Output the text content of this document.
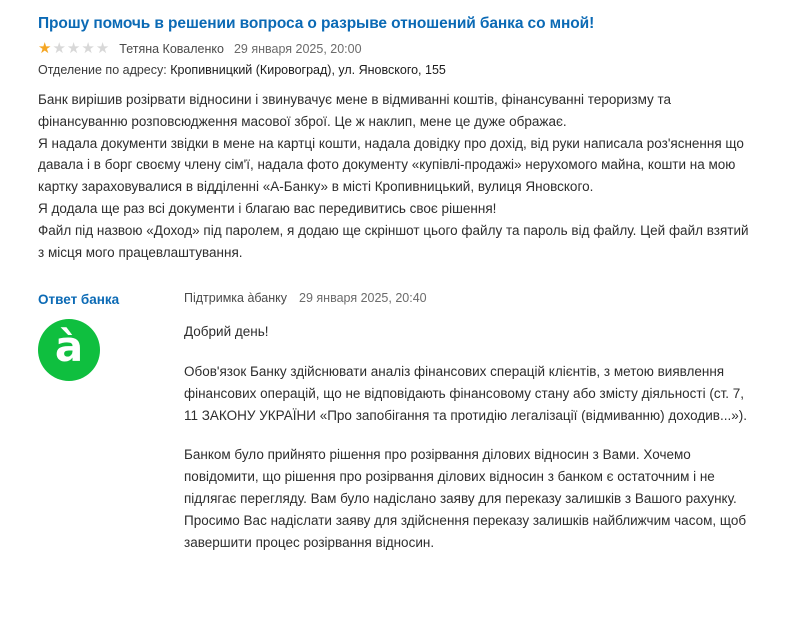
Прошу помочь в решении вопроса о разрыве отношений банка со мной!
★ ★ ★ ★ ★ Тетяна Коваленко 29 января 2025, 20:00
Отделение по адресу: Кропивницкий (Кировоград), ул. Яновского, 155

Банк вирішив розірвати відносини і звинувачує мене в відмиванні коштів, фінансуванні тероризму та фінансуванню розповсюдження масової зброї. Це ж наклип, мене це дуже ображає.

Я надала документи звідки в мене на картці кошти, надала довідку про дохід, від руки написала роз'яснення що давала і в борг своєму члену сім'ї, надала фото документу «купівлі-продажі» нерухомого майна, кошти на мою картку зараховувалися в відділенні «А-Банку» в місті Кропивницький, вулиця Яновского.

Я додала ще раз всі документи і благаю вас передивитись своє рішення!

Файл під назвою «Доход» під паролем, я додаю ще скріншот цього файлу та пароль від файлу. Цей файл взятий з місця мого працевлаштування.

Ответ банка
à
Підтримка àбанку 29 января 2025, 20:40

Добрий день!

Обов'язок Банку здійснювати аналіз фінансових сперацій клієнтів, з метою виявлення фінансових операцій, що не відповідають фінансовому стану або змісту діяльності (ст. 7, 11 ЗАКОНУ УКРАЇНИ «Про запобігання та протидію легалізації (відмиванню) доходив...»).

Банком було прийнято рішення про розірвання ділових відносин з Вами. Хочемо повідомити, що рішення про розірвання ділових відносин з банком є остаточним і не підлягає перегляду. Вам було надіслано заяву для переказу залишків з Вашого рахунку. Просимо Вас надіслати заяву для здійснення переказу залишків найближчим часом, щоб завершити процес розірвання відносин.
